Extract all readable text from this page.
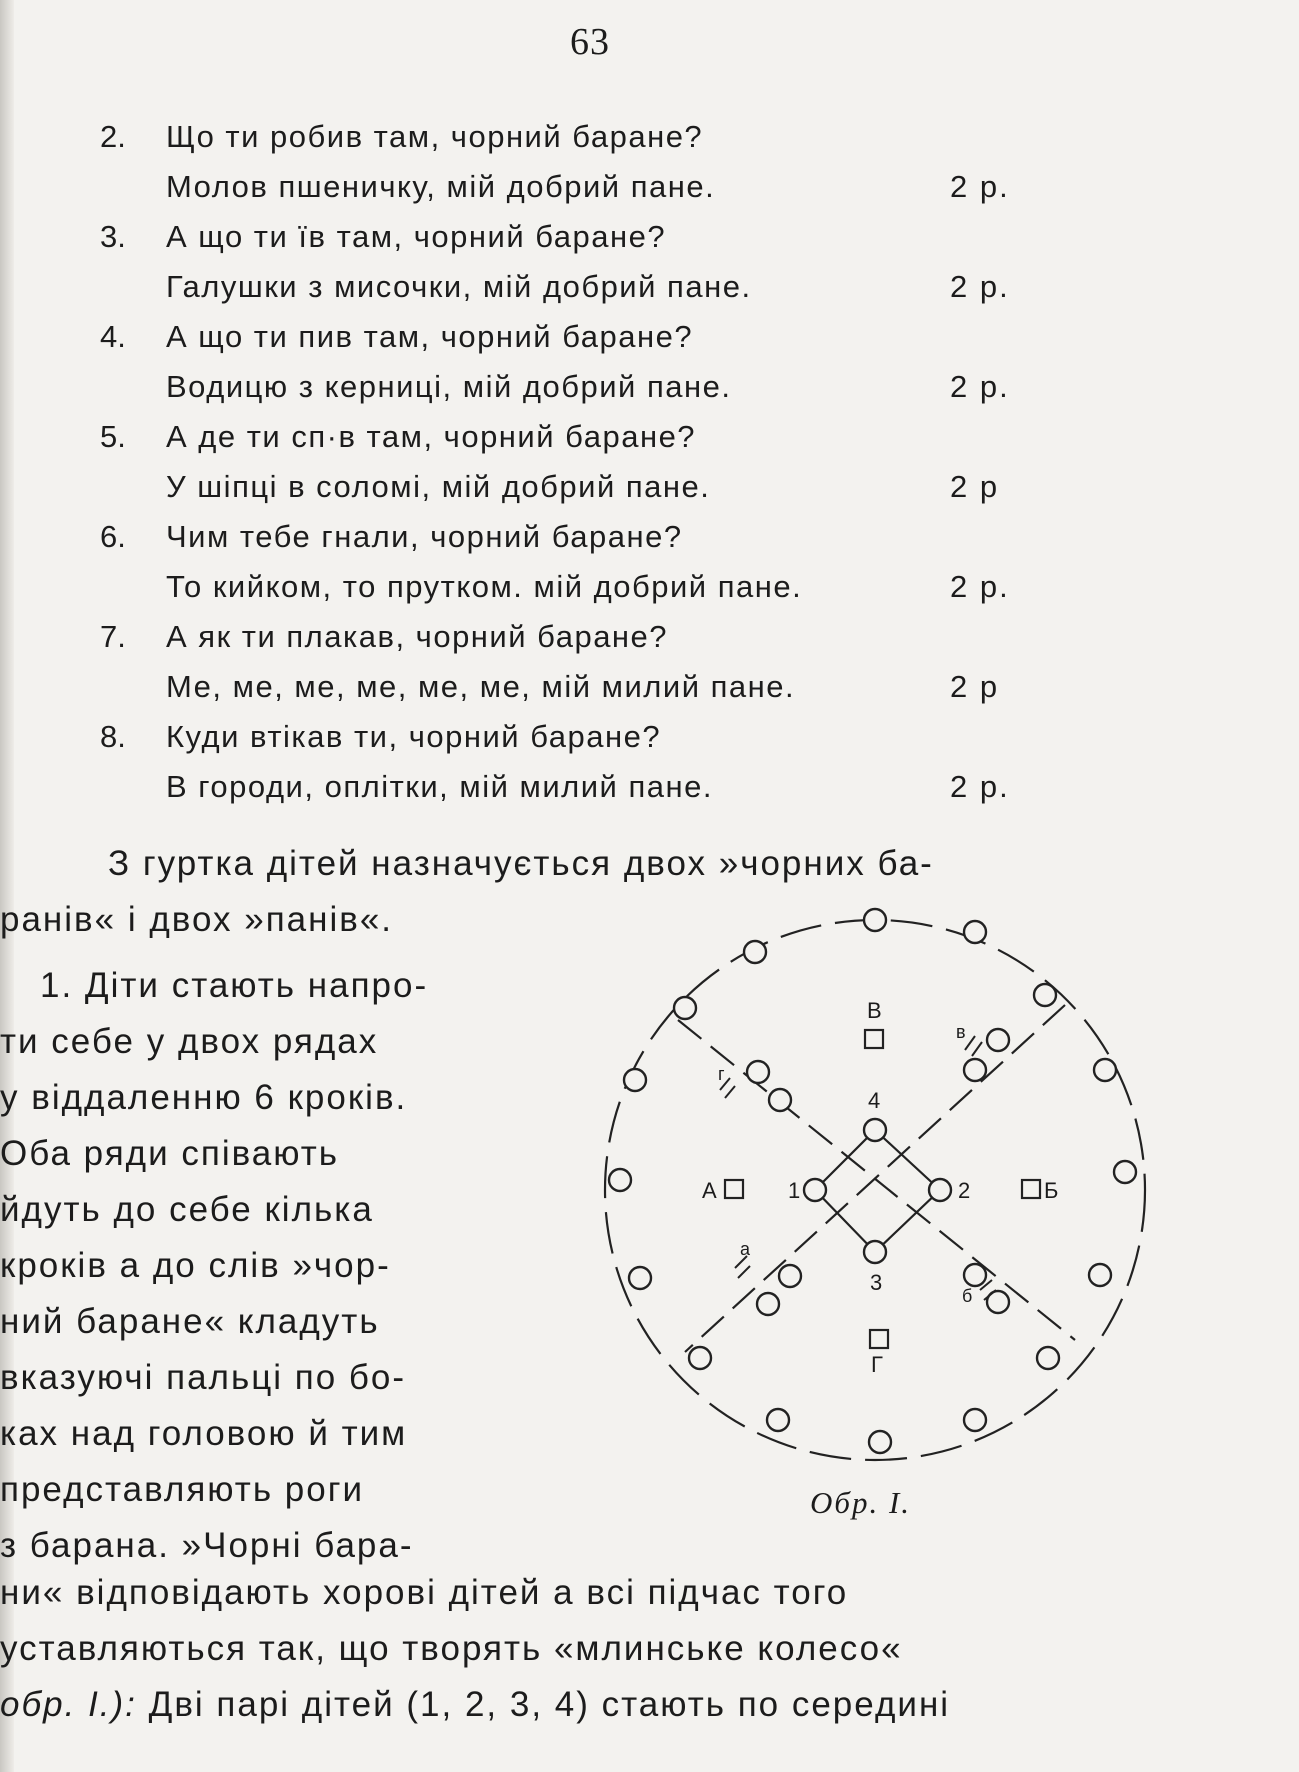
63
2. Що ти робив там, чорний баране?
Молов пшеничку, мій добрий пане.	2 р.
3. А що ти їв там, чорний баране?
Галушки з мисочки, мій добрий пане.	2 р.
4. А що ти пив там, чорний баране?
Водицю з керниці, мій добрий пане.	2 р.
5. А де ти сп·в там, чорний баране?
У шіпці в соломі, мій добрий пане.	2 р
6. Чим тебе гнали, чорний баране?
То кийком, то прутком. мій добрий пане.	2 р.
7. А як ти плакав, чорний баране?
Ме, ме, ме, ме, ме, ме, мій милий пане.	2 р
8. Куди втікав ти, чорний баране?
В городи, оплітки, мій милий пане.	2 р.
З гуртка дітей назначується двох »чорних ба-
ранів« і двох »панів«.
1. Діти стають напро-
ти себе у двох рядах
у віддаленню 6 кроків.
Оба ряди співають
йдуть до себе кілька
кроків а до слів »чор-
ний баране« кладуть
вказуючі пальці по бо-
ках над головою й тим
представляють роги
з барана. »Чорні бара-
ни« відповідають хорові дітей а всі підчас того
уставляються так, що творять «млинське колесо«
обр. І.): Дві парі дітей (1, 2, 3, 4) стають по середині
В
4
1	2
3
А	Б
Г
а
б
в
г
Обр. І.
